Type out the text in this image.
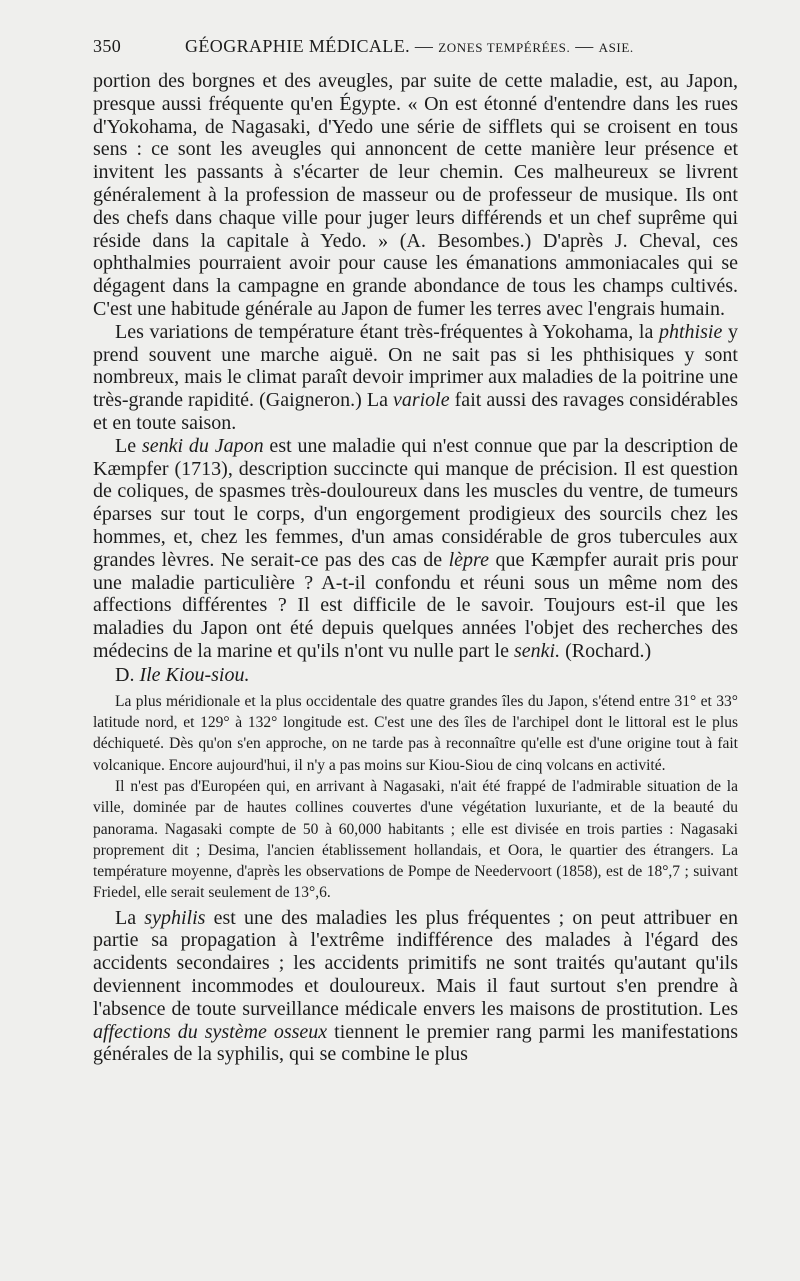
350	GÉOGRAPHIE MÉDICALE. — ZONES TEMPÉRÉES. — ASIE.

portion des borgnes et des aveugles, par suite de cette maladie, est, au Japon, presque aussi fréquente qu'en Égypte. « On est étonné d'entendre dans les rues d'Yokohama, de Nagasaki, d'Yedo une série de sifflets qui se croisent en tous sens : ce sont les aveugles qui annoncent de cette manière leur présence et invitent les passants à s'écarter de leur chemin. Ces malheureux se livrent généralement à la profession de masseur ou de professeur de musique. Ils ont des chefs dans chaque ville pour juger leurs différends et un chef suprême qui réside dans la capitale à Yedo. » (A. Besombes.) D'après J. Cheval, ces ophthalmies pourraient avoir pour cause les émanations ammoniacales qui se dégagent dans la campagne en grande abondance de tous les champs cultivés. C'est une habitude générale au Japon de fumer les terres avec l'engrais humain.

Les variations de température étant très-fréquentes à Yokohama, la phthisie y prend souvent une marche aiguë. On ne sait pas si les phthisiques y sont nombreux, mais le climat paraît devoir imprimer aux maladies de la poitrine une très-grande rapidité. (Gaigneron.) La variole fait aussi des ravages considérables et en toute saison.

Le senki du Japon est une maladie qui n'est connue que par la description de Kæmpfer (1713), description succincte qui manque de précision. Il est question de coliques, de spasmes très-douloureux dans les muscles du ventre, de tumeurs éparses sur tout le corps, d'un engorgement prodigieux des sourcils chez les hommes, et, chez les femmes, d'un amas considérable de gros tubercules aux grandes lèvres. Ne serait-ce pas des cas de lèpre que Kæmpfer aurait pris pour une maladie particulière ? A-t-il confondu et réuni sous un même nom des affections différentes ? Il est difficile de le savoir. Toujours est-il que les maladies du Japon ont été depuis quelques années l'objet des recherches des médecins de la marine et qu'ils n'ont vu nulle part le senki. (Rochard.)

D. Ile Kiou-siou.

La plus méridionale et la plus occidentale des quatre grandes îles du Japon, s'étend entre 31° et 33° latitude nord, et 129° à 132° longitude est. C'est une des îles de l'archipel dont le littoral est le plus déchiqueté. Dès qu'on s'en approche, on ne tarde pas à reconnaître qu'elle est d'une origine tout à fait volcanique. Encore aujourd'hui, il n'y a pas moins sur Kiou-Siou de cinq volcans en activité.

Il n'est pas d'Européen qui, en arrivant à Nagasaki, n'ait été frappé de l'admirable situation de la ville, dominée par de hautes collines couvertes d'une végétation luxuriante, et de la beauté du panorama. Nagasaki compte de 50 à 60,000 habitants ; elle est divisée en trois parties : Nagasaki proprement dit ; Desima, l'ancien établissement hollandais, et Oora, le quartier des étrangers. La température moyenne, d'après les observations de Pompe de Needervoort (1858), est de 18°,7 ; suivant Friedel, elle serait seulement de 13°,6.

La syphilis est une des maladies les plus fréquentes ; on peut attribuer en partie sa propagation à l'extrême indifférence des malades à l'égard des accidents secondaires ; les accidents primitifs ne sont traités qu'autant qu'ils deviennent incommodes et douloureux. Mais il faut surtout s'en prendre à l'absence de toute surveillance médicale envers les maisons de prostitution. Les affections du système osseux tiennent le premier rang parmi les manifestations générales de la syphilis, qui se combine le plus
